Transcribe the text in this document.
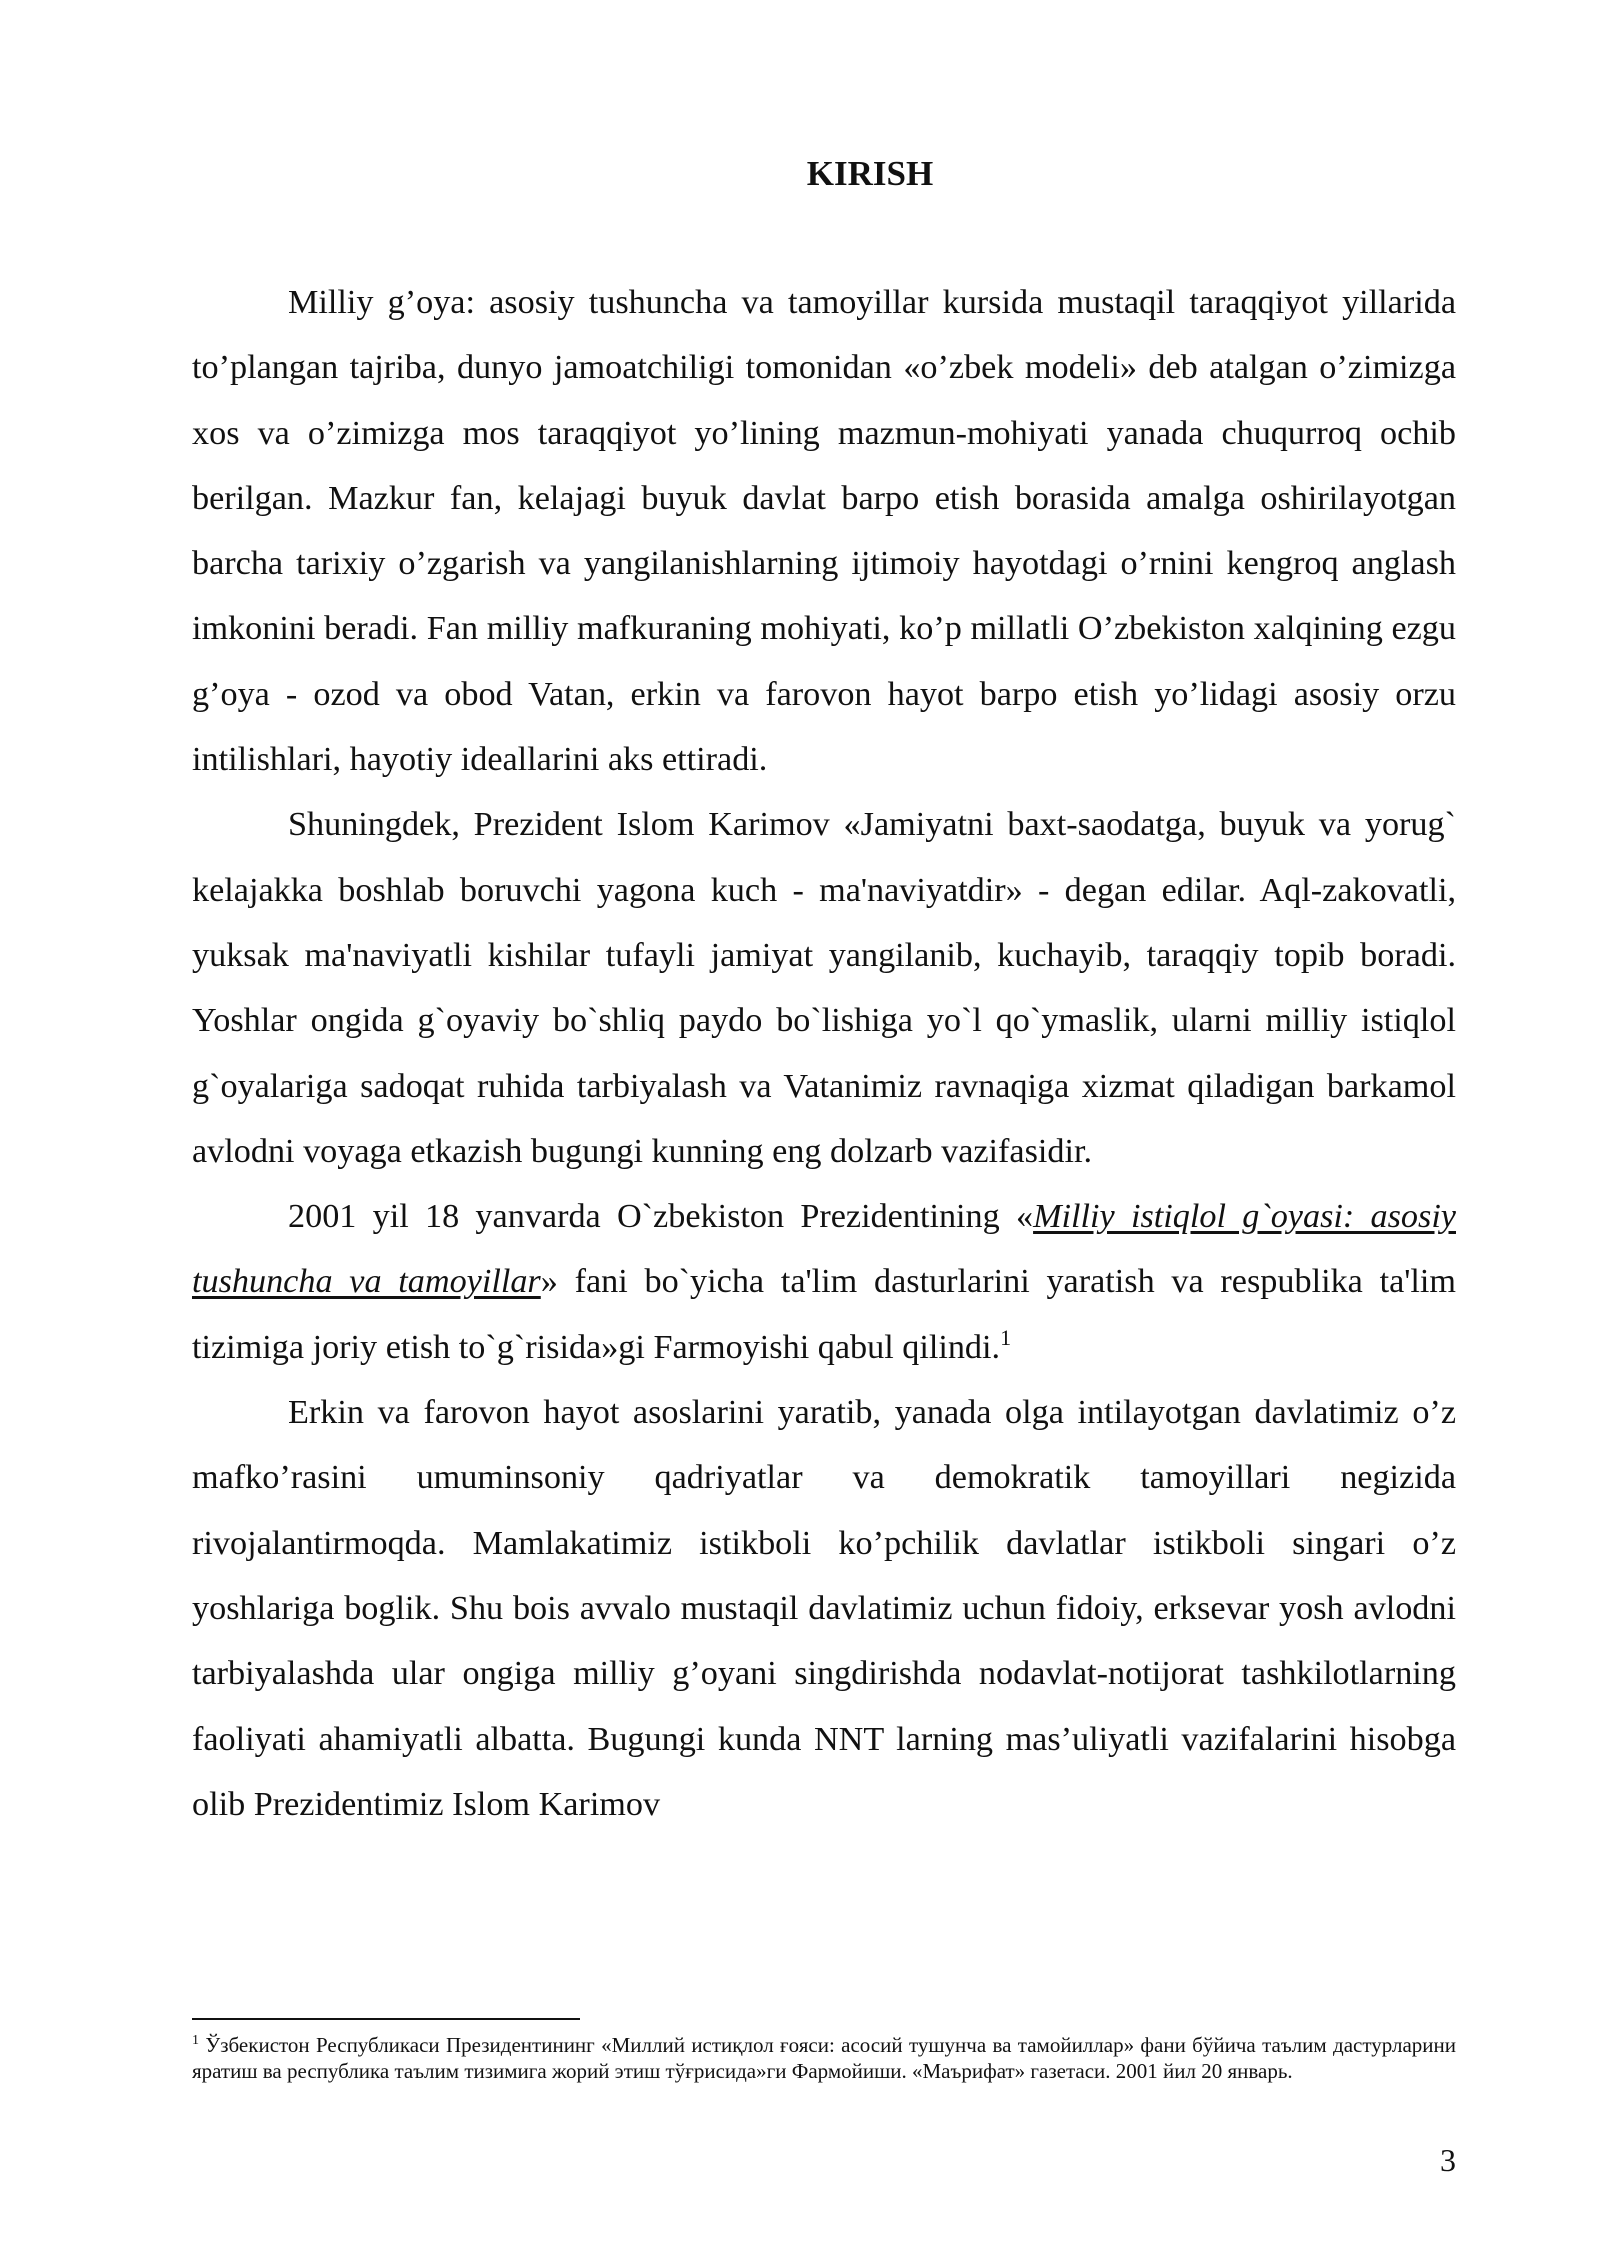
KIRISH

Milliy g’oya: asosiy tushuncha va tamoyillar kursida mustaqil taraqqiyot yillarida to’plangan tajriba, dunyo jamoatchiligi tomonidan «o’zbek modeli» deb atalgan o’zimizga xos va o’zimizga mos taraqqiyot yo’lining mazmun-mohiyati yanada chuqurroq ochib berilgan. Mazkur fan, kelajagi buyuk davlat barpo etish borasida amalga oshirilayotgan barcha tarixiy o’zgarish va yangilanishlarning ijtimoiy hayotdagi o’rnini kengroq anglash imkonini beradi. Fan milliy mafkuraning mohiyati, ko’p millatli O’zbekiston xalqining ezgu g’oya - ozod va obod Vatan, erkin va farovon hayot barpo etish yo’lidagi asosiy orzu intilishlari, hayotiy ideallarini aks ettiradi.

Shuningdek, Prezident Islom Karimov «Jamiyatni baxt-saodatga, buyuk va yorug` kelajakka boshlab boruvchi yagona kuch - ma'naviyatdir» - degan edilar. Aql-zakovatli, yuksak ma'naviyatli kishilar tufayli jamiyat yangilanib, kuchayib, taraqqiy topib boradi. Yoshlar ongida g`oyaviy bo`shliq paydo bo`lishiga yo`l qo`ymaslik, ularni milliy istiqlol g`oyalariga sadoqat ruhida tarbiyalash va Vatanimiz ravnaqiga xizmat qiladigan barkamol avlodni voyaga etkazish bugungi kunning eng dolzarb vazifasidir.

2001 yil 18 yanvarda O`zbekiston Prezidentining «Milliy istiqlol g`oyasi: asosiy tushuncha va tamoyillar» fani bo`yicha ta'lim dasturlarini yaratish va respublika ta'lim tizimiga joriy etish to`g`risida»gi Farmoyishi qabul qilindi.$^1$

Erkin va farovon hayot asoslarini yaratib, yanada olga intilayotgan davlatimiz o’z mafko’rasini umuminsoniy qadriyatlar va demokratik tamoyillari negizida rivojalantirmoqda. Mamlakatimiz istikboli ko’pchilik davlatlar istikboli singari o’z yoshlariga boglik. Shu bois avvalo mustaqil davlatimiz uchun fidoiy, erksevar yosh avlodni tarbiyalashda ular ongiga milliy g’oyani singdirishda nodavlat-notijorat tashkilotlarning faoliyati ahamiyatli albatta. Bugungi kunda NNT larning mas’uliyatli vazifalarini hisobga olib Prezidentimiz Islom Karimov

$^1$ Ўзбекистон Республикаси Президентининг «Миллий истиқлол ғояси: асосий тушунча ва тамойиллар» фани бўйича таълим дастурларини яратиш ва республика таълим тизимига жорий этиш тўғрисида»ги Фармойиши. «Маърифат» газетаси. 2001 йил 20 январь.

3
